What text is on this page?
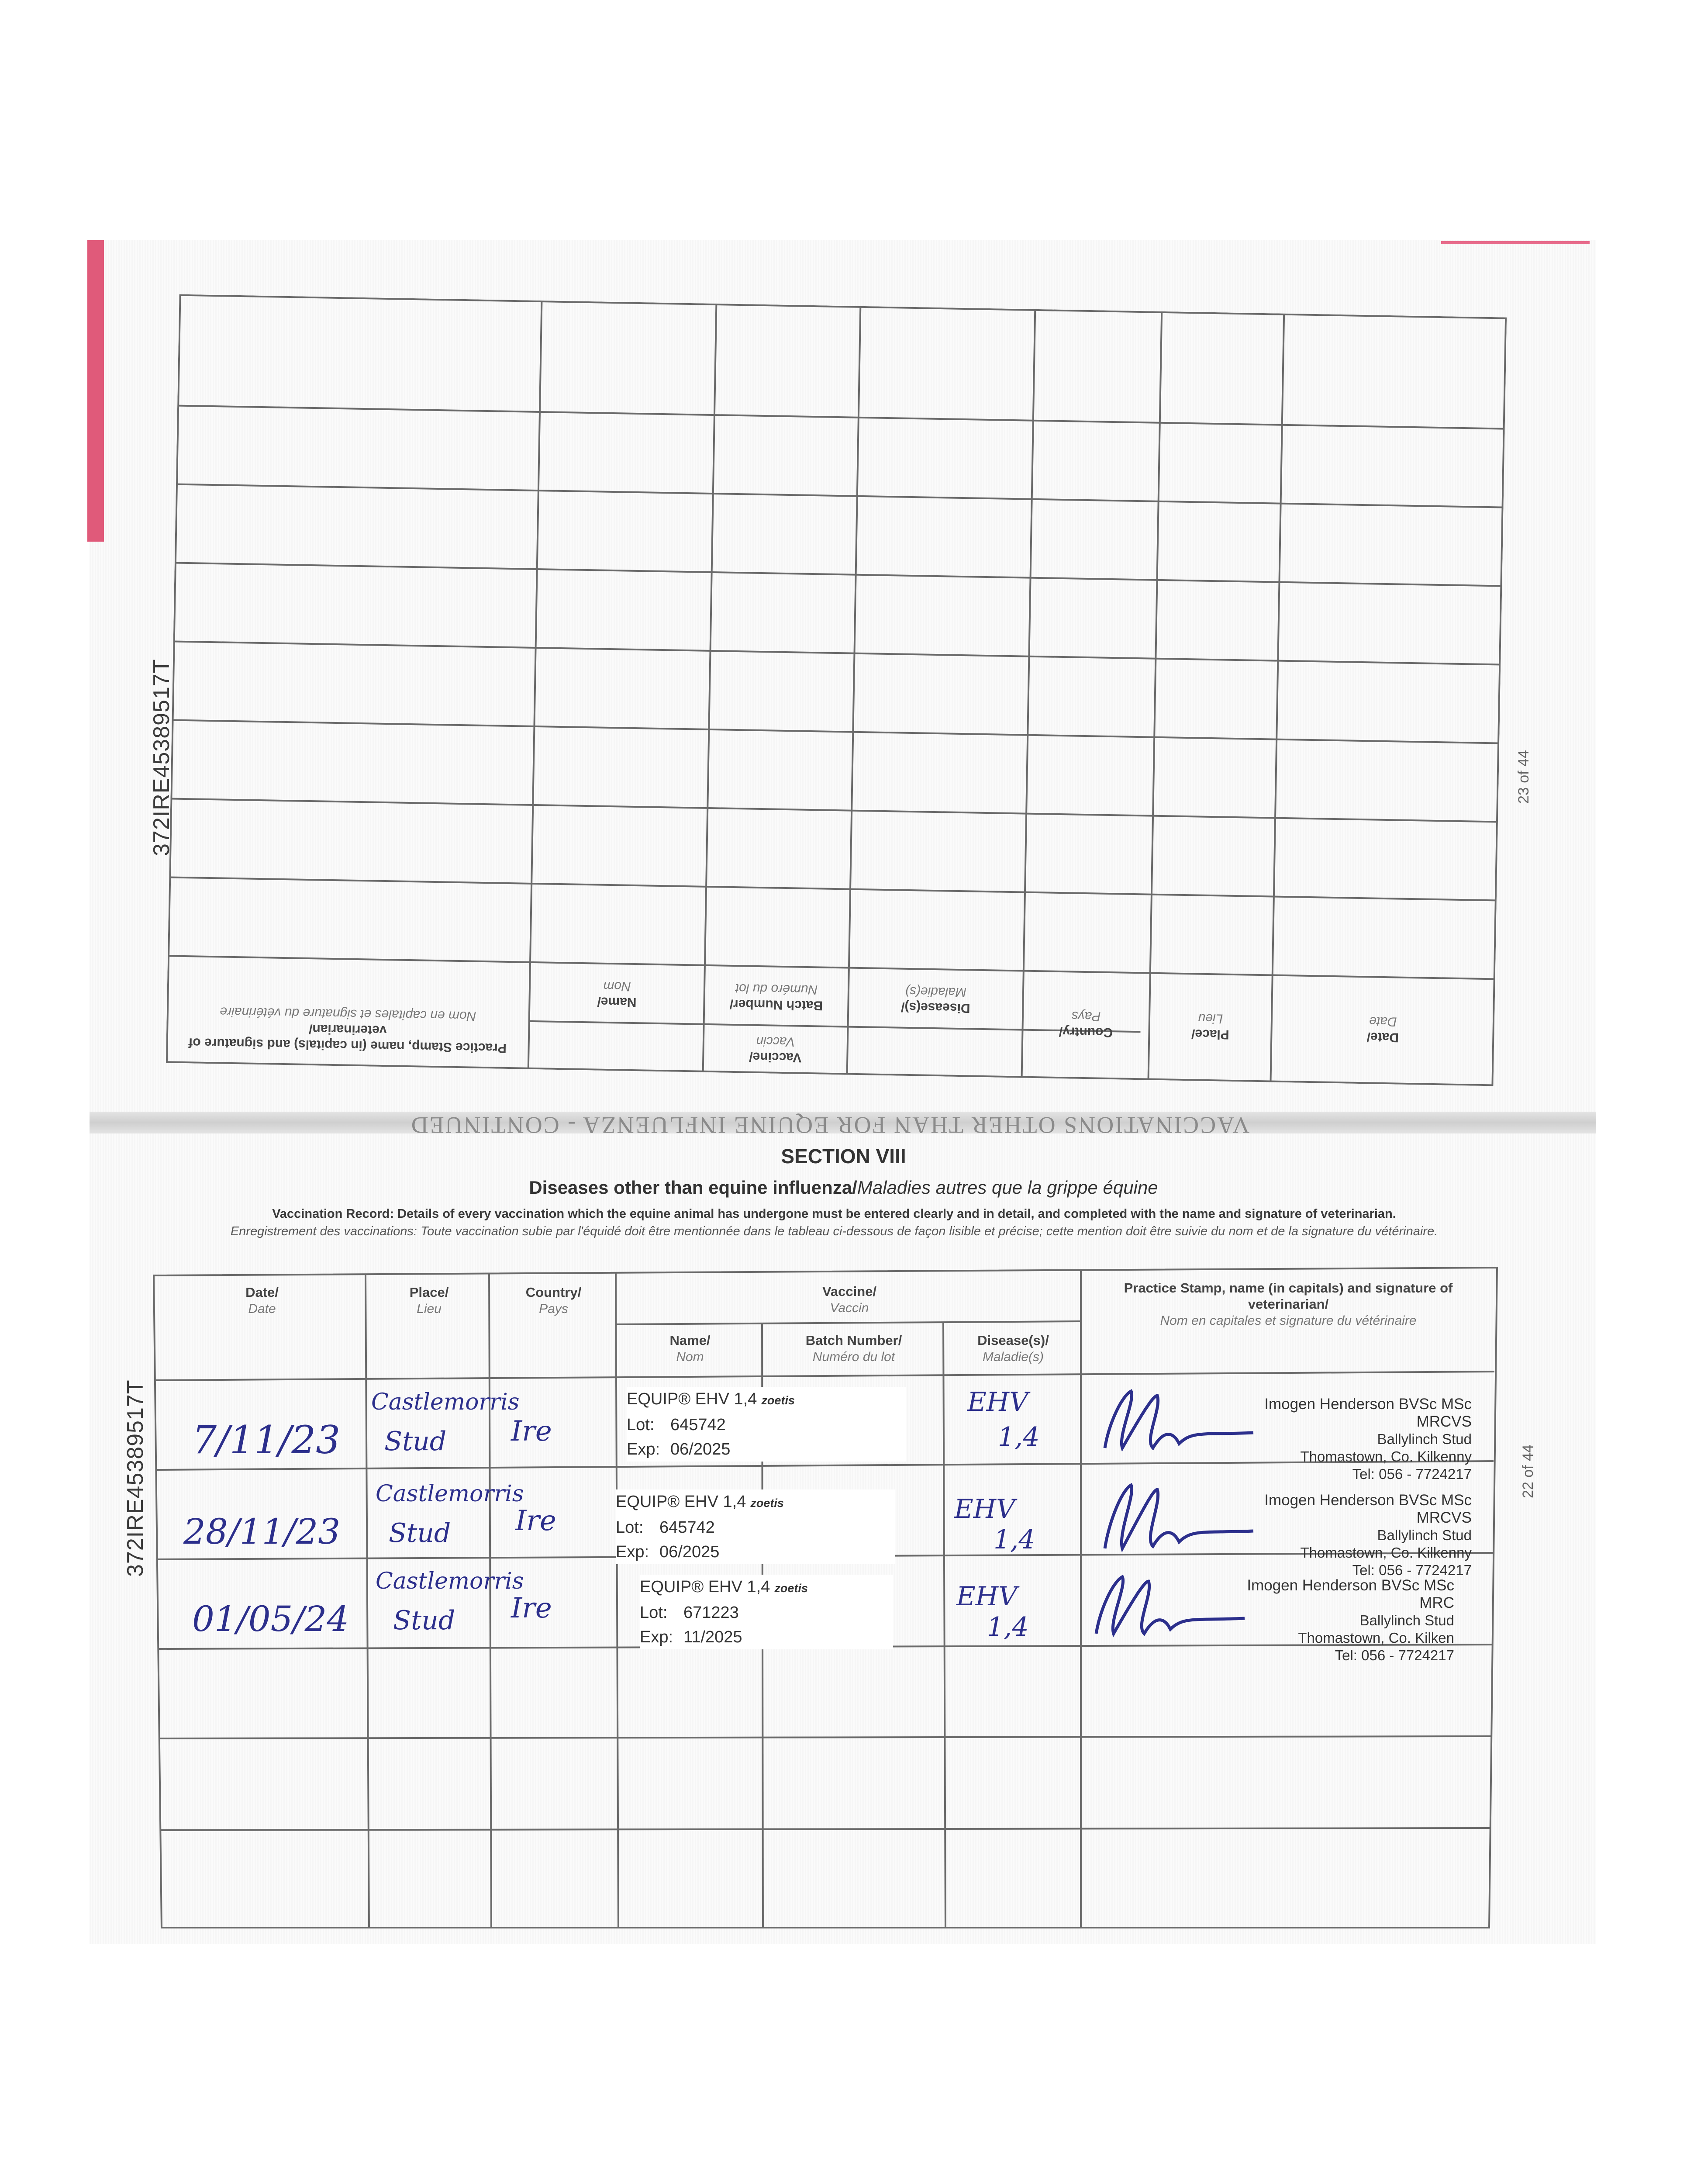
372IRE45389517T	23 of 44
Date/
Date
Place/
Lieu
Country/
Pays
Vaccine/
Vaccin
Disease(s)/
Maladie(s)
Batch Number/
Numéro du lot
Name/
Nom
Practice Stamp, name (in capitals) and signature of
veterinarian/
Nom en capitales et signature du vétérinaire
VACCINATIONS OTHER THAN FOR EQUINE INFLUENZA - CONTINUED
SECTION VIII
Diseases other than equine influenza/Maladies autres que la grippe équine
Vaccination Record: Details of every vaccination which the equine animal has undergone must be entered clearly and in detail, and completed with the name and signature of veterinarian.
Enregistrement des vaccinations: Toute vaccination subie par l'équidé doit être mentionnée dans le tableau ci-dessous de façon lisible et précise; cette mention doit être suivie du nom et de la signature du vétérinaire.
372IRE45389517T	22 of 44
Date/
Date
Place/
Lieu
Country/
Pays
Vaccine/
Vaccin
Name/
Nom
Batch Number/
Numéro du lot
Disease(s)/
Maladie(s)
Practice Stamp, name (in capitals) and signature of
veterinarian/
Nom en capitales et signature du vétérinaire
7/11/23
Castlemorris
Stud Ire
EQUIP® EHV 1,4 zoetis
Lot: 645742
Exp: 06/2025
EHV
1,4
Imogen Henderson BVSc MSc MRCVS
Ballylinch Stud
Thomastown, Co. Kilkenny
Tel: 056 - 7724217
28/11/23
Castlemorris
Stud Ire
EQUIP® EHV 1,4 zoetis
Lot: 645742
Exp: 06/2025
EHV
1,4
Imogen Henderson BVSc MSc MRCVS
Ballylinch Stud
Thomastown, Co. Kilkenny
Tel: 056 - 7724217
01/05/24
Castlemorris
Stud Ire
EQUIP® EHV 1,4 zoetis
Lot: 671223
Exp: 11/2025
EHV
1,4
Imogen Henderson BVSc MSc MRC
Ballylinch Stud
Thomastown, Co. Kilken
Tel: 056 - 7724217
